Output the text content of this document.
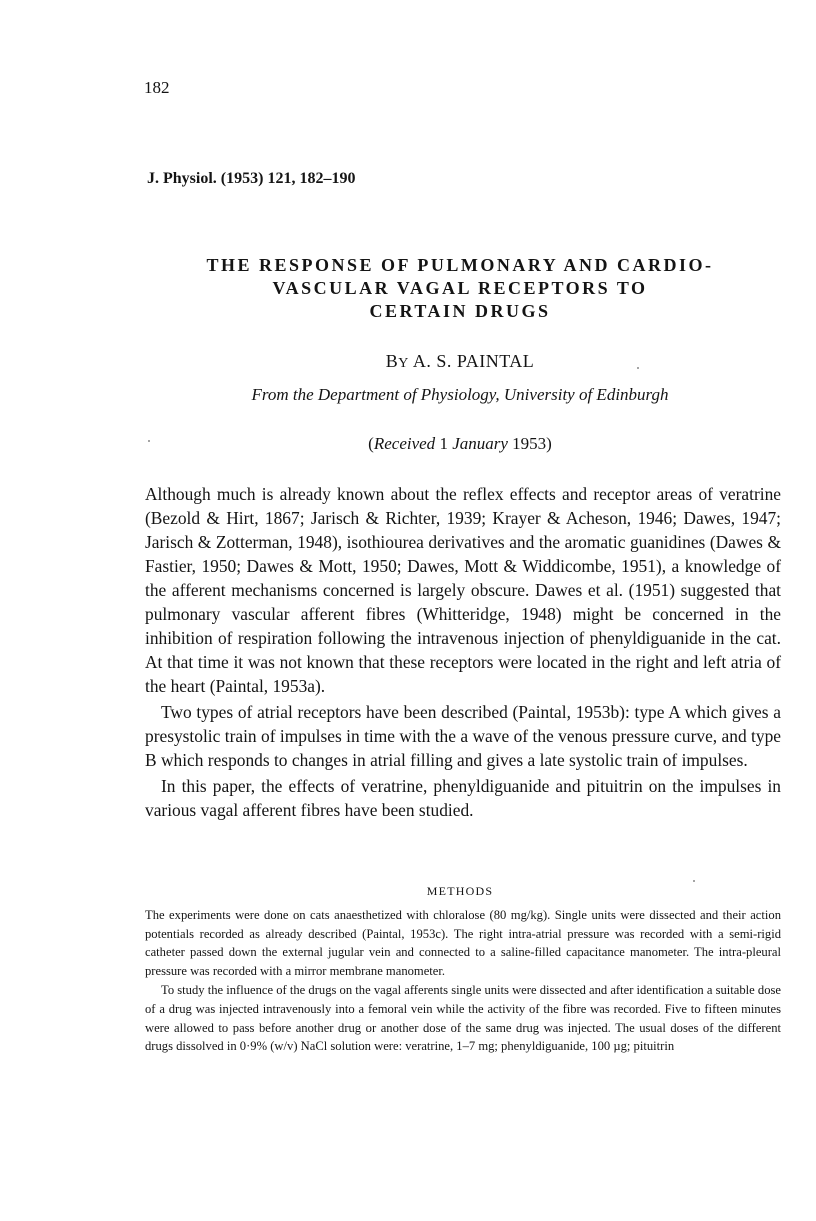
182
J. Physiol. (1953) 121, 182–190
THE RESPONSE OF PULMONARY AND CARDIO-
VASCULAR VAGAL RECEPTORS TO
CERTAIN DRUGS
BY A. S. PAINTAL
From the Department of Physiology, University of Edinburgh
(Received 1 January 1953)

Although much is already known about the reflex effects and receptor areas of veratrine (Bezold & Hirt, 1867; Jarisch & Richter, 1939; Krayer & Acheson, 1946; Dawes, 1947; Jarisch & Zotterman, 1948), isothiourea derivatives and the aromatic guanidines (Dawes & Fastier, 1950; Dawes & Mott, 1950; Dawes, Mott & Widdicombe, 1951), a knowledge of the afferent mechanisms concerned is largely obscure. Dawes et al. (1951) suggested that pulmonary vascular afferent fibres (Whitteridge, 1948) might be concerned in the inhibition of respiration following the intravenous injection of phenyldiguanide in the cat. At that time it was not known that these receptors were located in the right and left atria of the heart (Paintal, 1953a).

Two types of atrial receptors have been described (Paintal, 1953b): type A which gives a presystolic train of impulses in time with the a wave of the venous pressure curve, and type B which responds to changes in atrial filling and gives a late systolic train of impulses.

In this paper, the effects of veratrine, phenyldiguanide and pituitrin on the impulses in various vagal afferent fibres have been studied.

METHODS

The experiments were done on cats anaesthetized with chloralose (80 mg/kg). Single units were dissected and their action potentials recorded as already described (Paintal, 1953c). The right intra-atrial pressure was recorded with a semi-rigid catheter passed down the external jugular vein and connected to a saline-filled capacitance manometer. The intra-pleural pressure was recorded with a mirror membrane manometer.

To study the influence of the drugs on the vagal afferents single units were dissected and after identification a suitable dose of a drug was injected intravenously into a femoral vein while the activity of the fibre was recorded. Five to fifteen minutes were allowed to pass before another drug or another dose of the same drug was injected. The usual doses of the different drugs dissolved in 0·9% (w/v) NaCl solution were: veratrine, 1–7 mg; phenyldiguanide, 100 µg; pituitrin
